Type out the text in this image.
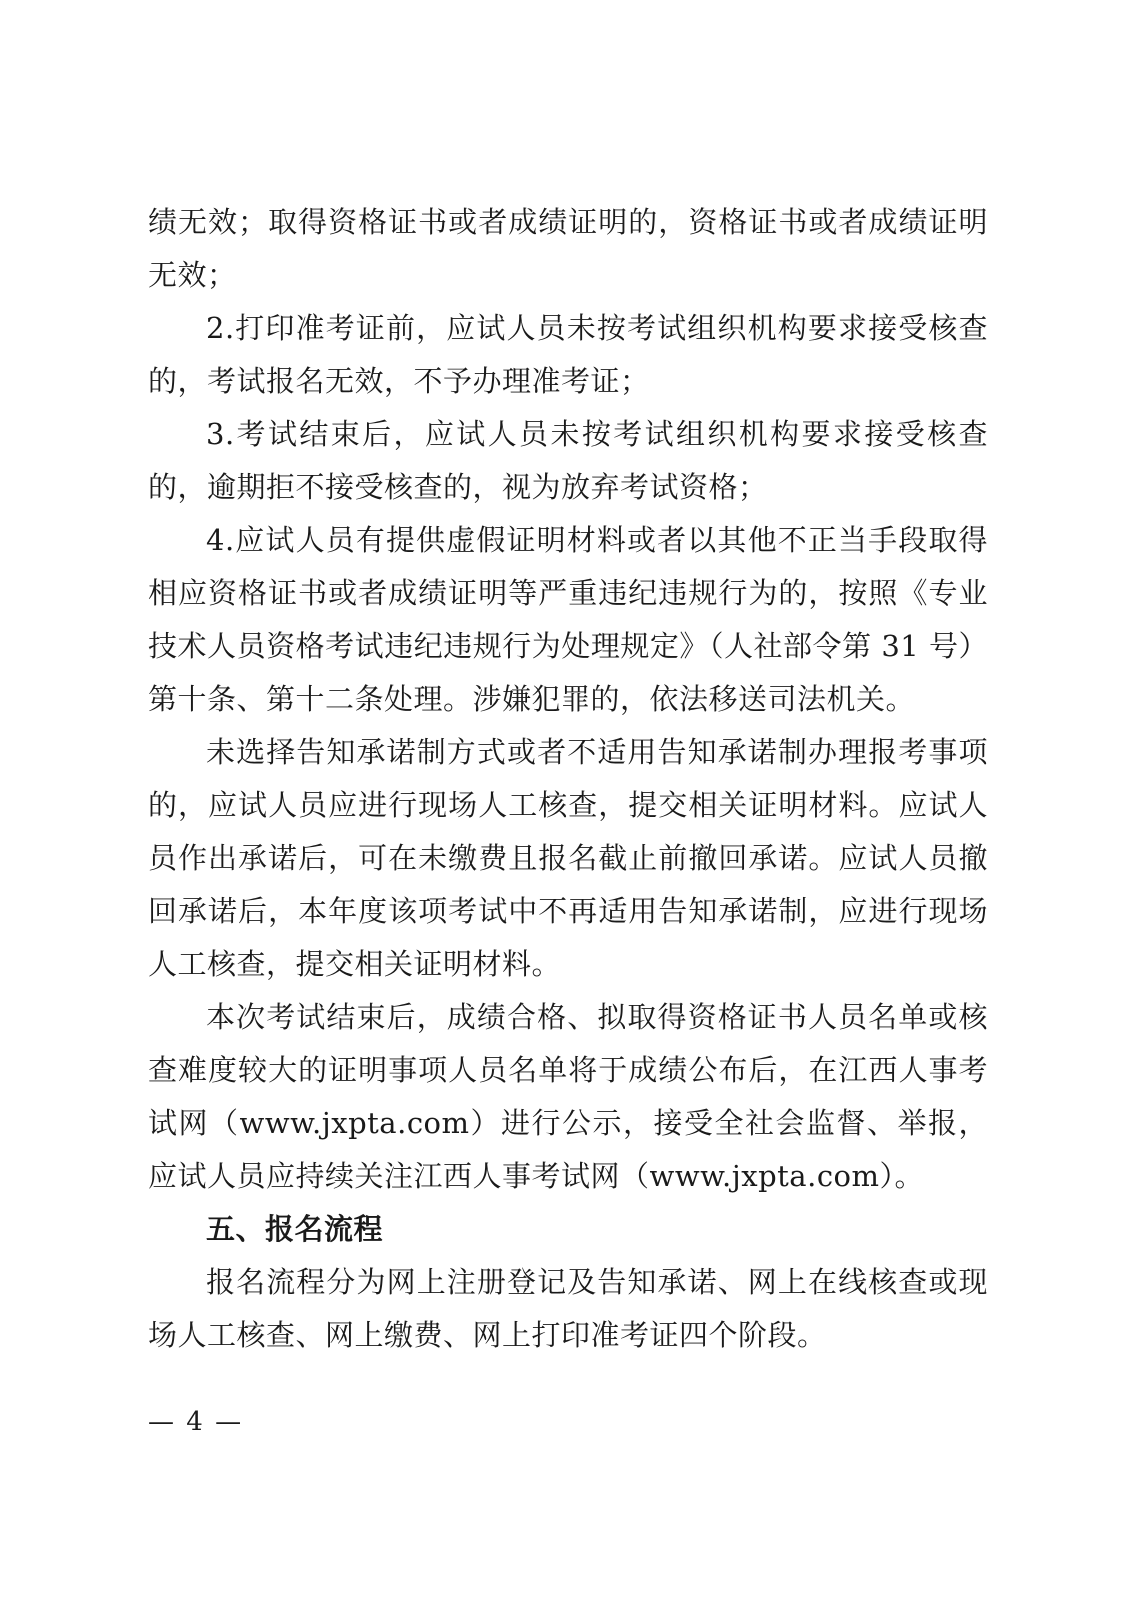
绩无效；取得资格证书或者成绩证明的，资格证书或者成绩证明无效；

2.打印准考证前，应试人员未按考试组织机构要求接受核查的，考试报名无效，不予办理准考证；

3.考试结束后，应试人员未按考试组织机构要求接受核查的，逾期拒不接受核查的，视为放弃考试资格；

4.应试人员有提供虚假证明材料或者以其他不正当手段取得相应资格证书或者成绩证明等严重违纪违规行为的，按照《专业技术人员资格考试违纪违规行为处理规定》（人社部令第 31 号）第十条、第十二条处理。涉嫌犯罪的，依法移送司法机关。

未选择告知承诺制方式或者不适用告知承诺制办理报考事项的，应试人员应进行现场人工核查，提交相关证明材料。应试人员作出承诺后，可在未缴费且报名截止前撤回承诺。应试人员撤回承诺后，本年度该项考试中不再适用告知承诺制，应进行现场人工核查，提交相关证明材料。

本次考试结束后，成绩合格、拟取得资格证书人员名单或核查难度较大的证明事项人员名单将于成绩公布后，在江西人事考试网（www.jxpta.com）进行公示，接受全社会监督、举报，应试人员应持续关注江西人事考试网（www.jxpta.com）。

五、报名流程

报名流程分为网上注册登记及告知承诺、网上在线核查或现场人工核查、网上缴费、网上打印准考证四个阶段。

— 4 —
